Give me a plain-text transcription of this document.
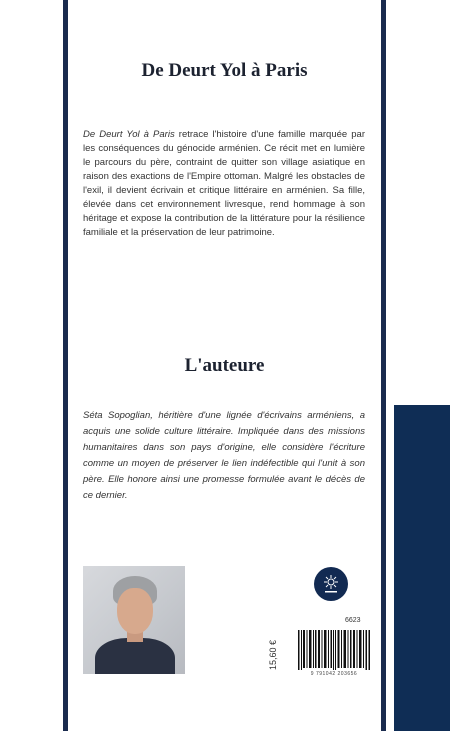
De Deurt Yol à Paris

De Deurt Yol à Paris retrace l'histoire d'une famille marquée par les conséquences du génocide arménien. Ce récit met en lumière le parcours du père, contraint de quitter son village asiatique en raison des exactions de l'Empire ottoman. Malgré les obstacles de l'exil, il devient écrivain et critique littéraire en arménien. Sa fille, élevée dans cet environnement livresque, rend hommage à son héritage et expose la contribution de la littérature pour la résilience familiale et la préservation de leur patrimoine.

L'auteure

Séta Sopoglian, héritière d'une lignée d'écrivains arméniens, a acquis une solide culture littéraire. Impliquée dans des missions humanitaires dans son pays d'origine, elle considère l'écriture comme un moyen de préserver le lien indéfectible qui l'unit à son père. Elle honore ainsi une promesse formulée avant le décès de ce dernier.

15,60 €

6623

9 791042 203656
